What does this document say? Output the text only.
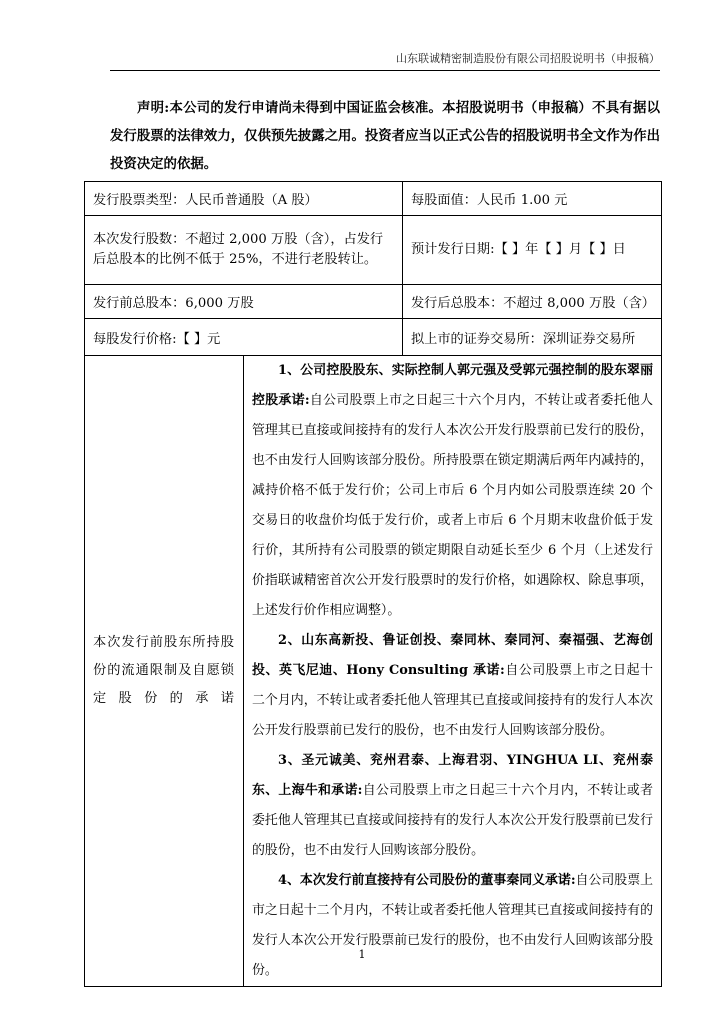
山东联诚精密制造股份有限公司招股说明书（申报稿）
声明:本公司的发行申请尚未得到中国证监会核准。本招股说明书（申报稿）不具有据以发行股票的法律效力，仅供预先披露之用。投资者应当以正式公告的招股说明书全文作为作出投资决定的依据。
发行股票类型：人民币普通股（A 股）		每股面值：人民币 1.00 元
本次发行股数：不超过 2,000 万股（含），占发行后总股本的比例不低于 25%，不进行老股转让。		预计发行日期:【 】年【 】月【 】日
发行前总股本：6,000 万股		发行后总股本：不超过 8,000 万股（含）
每股发行价格:【 】元		拟上市的证券交易所：深圳证券交易所
本次发行前股东所持股份的流通限制及自愿锁定股份的承诺	1、公司控股股东、实际控制人郭元强及受郭元强控制的股东翠丽控股承诺:自公司股票上市之日起三十六个月内，不转让或者委托他人管理其已直接或间接持有的发行人本次公开发行股票前已发行的股份，也不由发行人回购该部分股份。所持股票在锁定期满后两年内减持的，减持价格不低于发行价；公司上市后 6 个月内如公司股票连续 20 个交易日的收盘价均低于发行价，或者上市后 6 个月期末收盘价低于发行价，其所持有公司股票的锁定期限自动延长至少 6 个月（上述发行价指联诚精密首次公开发行股票时的发行价格，如遇除权、除息事项，上述发行价作相应调整）。

2、山东高新投、鲁证创投、秦同林、秦同河、秦福强、艺海创投、英飞尼迪、Hony Consulting 承诺:自公司股票上市之日起十二个月内，不转让或者委托他人管理其已直接或间接持有的发行人本次公开发行股票前已发行的股份，也不由发行人回购该部分股份。

3、圣元诚美、兖州君泰、上海君羽、YINGHUA LI、兖州泰东、上海牛和承诺:自公司股票上市之日起三十六个月内，不转让或者委托他人管理其已直接或间接持有的发行人本次公开发行股票前已发行的股份，也不由发行人回购该部分股份。

4、本次发行前直接持有公司股份的董事秦同义承诺:自公司股票上市之日起十二个月内，不转让或者委托他人管理其已直接或间接持有的发行人本次公开发行股票前已发行的股份，也不由发行人回购该部分股份。	

1
